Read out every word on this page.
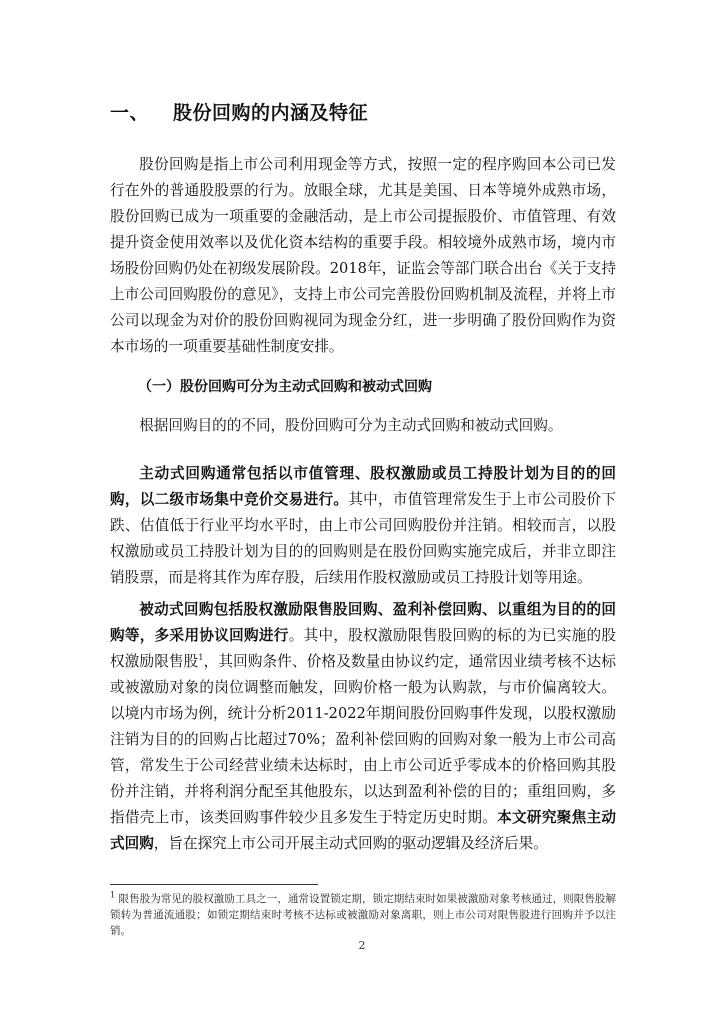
一、 股份回购的内涵及特征

股份回购是指上市公司利用现金等方式，按照一定的程序购回本公司已发行在外的普通股股票的行为。放眼全球，尤其是美国、日本等境外成熟市场，股份回购已成为一项重要的金融活动，是上市公司提振股价、市值管理、有效提升资金使用效率以及优化资本结构的重要手段。相较境外成熟市场，境内市场股份回购仍处在初级发展阶段。2018年，证监会等部门联合出台《关于支持上市公司回购股份的意见》，支持上市公司完善股份回购机制及流程，并将上市公司以现金为对价的股份回购视同为现金分红，进一步明确了股份回购作为资本市场的一项重要基础性制度安排。

（一）股份回购可分为主动式回购和被动式回购

根据回购目的的不同，股份回购可分为主动式回购和被动式回购。

主动式回购通常包括以市值管理、股权激励或员工持股计划为目的的回购，以二级市场集中竞价交易进行。其中，市值管理常发生于上市公司股价下跌、估值低于行业平均水平时，由上市公司回购股份并注销。相较而言，以股权激励或员工持股计划为目的的回购则是在股份回购实施完成后，并非立即注销股票，而是将其作为库存股，后续用作股权激励或员工持股计划等用途。

被动式回购包括股权激励限售股回购、盈利补偿回购、以重组为目的的回购等，多采用协议回购进行。其中，股权激励限售股回购的标的为已实施的股权激励限售股$^1$，其回购条件、价格及数量由协议约定，通常因业绩考核不达标或被激励对象的岗位调整而触发，回购价格一般为认购款，与市价偏离较大。以境内市场为例，统计分析2011-2022年期间股份回购事件发现，以股权激励注销为目的的回购占比超过70%；盈利补偿回购的回购对象一般为上市公司高管，常发生于公司经营业绩未达标时，由上市公司近乎零成本的价格回购其股份并注销，并将利润分配至其他股东，以达到盈利补偿的目的；重组回购，多指借壳上市，该类回购事件较少且多发生于特定历史时期。本文研究聚焦主动式回购，旨在探究上市公司开展主动式回购的驱动逻辑及经济后果。

$^1$ 限售股为常见的股权激励工具之一，通常设置锁定期，锁定期结束时如果被激励对象考核通过，则限售股解锁转为普通流通股；如锁定期结束时考核不达标或被激励对象离职，则上市公司对限售股进行回购并予以注销。
2
